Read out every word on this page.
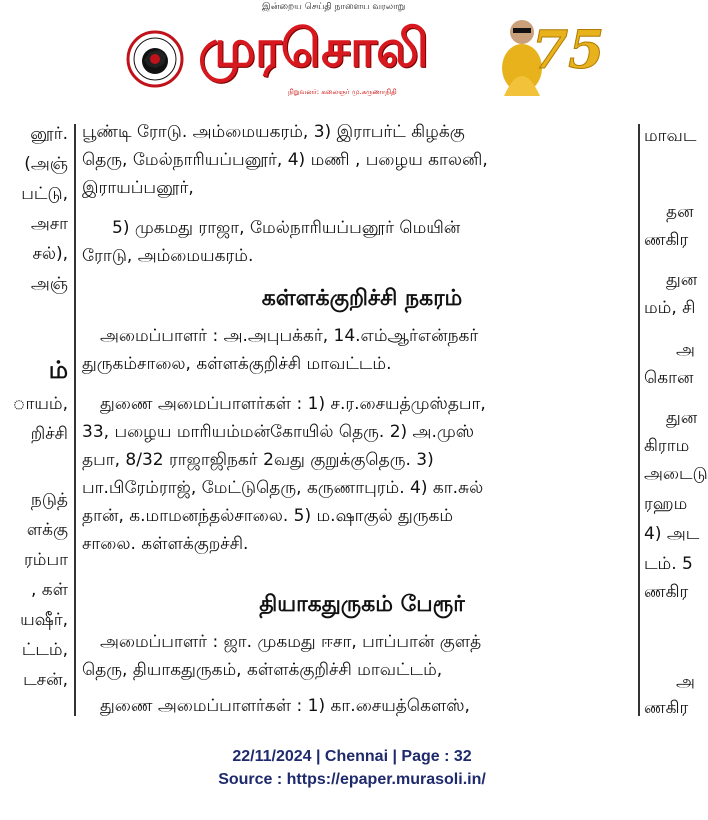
இன்றைய செய்தி நாளைய வரலாறு
முரசொலி
நிறுவனர்: கலைஞர் மு.கருணாநிதி
75

னூர்.

(அஞ்

பட்டு,

அசா

சல்),

அஞ்

ம்

ாயம்,

றிச்சி

நடுத்

ளக்கு

ரம்பா

, கள்

யஷீர்,

ட்டம்,

டசன்,

மாவட

தன

ணகிர

துன

மம், சி

அ

கொன

துன

கிராம

அடைடு

ரஹம

4) அட

டம். 5

ணகிர

அ

ணகிர

பூண்டி ரோடு. அம்மையகரம், 3) இராபர்ட் கிழக்கு
தெரு, மேல்நாரியப்பனூர், 4) மணி , பழைய காலனி,
இராயப்பனூர்,
5) முகமது ராஜா, மேல்நாரியப்பனூர் மெயின்
ரோடு, அம்மையகரம்.
கள்ளக்குறிச்சி நகரம்
அமைப்பாளர் : அ.அபுபக்கர், 14.எம்ஆர்என்நகர்
துருகம்சாலை, கள்ளக்குறிச்சி மாவட்டம்.
துணை அமைப்பாளர்கள் : 1) ச.ர.சையத்முஸ்தபா,
33, பழைய மாரியம்மன்கோயில் தெரு. 2) அ.முஸ்
தபா, 8/32 ராஜாஜிநகர் 2வது குறுக்குதெரு. 3)
பா.பிரேம்ராஜ், மேட்டுதெரு, கருணாபுரம். 4) கா.சுல்
தான், க.மாமனந்தல்சாலை. 5) ம.ஷாகுல் துருகம்
சாலை. கள்ளக்குறச்சி.
தியாகதுருகம் பேரூர்
அமைப்பாளர் : ஜா. முகமது ஈசா, பாப்பான் குளத்
தெரு, தியாகதுருகம், கள்ளக்குறிச்சி மாவட்டம்,
துணை அமைப்பாளர்கள் : 1) கா.சையத்கௌஸ்,
22/11/2024 | Chennai | Page : 32
Source : https://epaper.murasoli.in/
